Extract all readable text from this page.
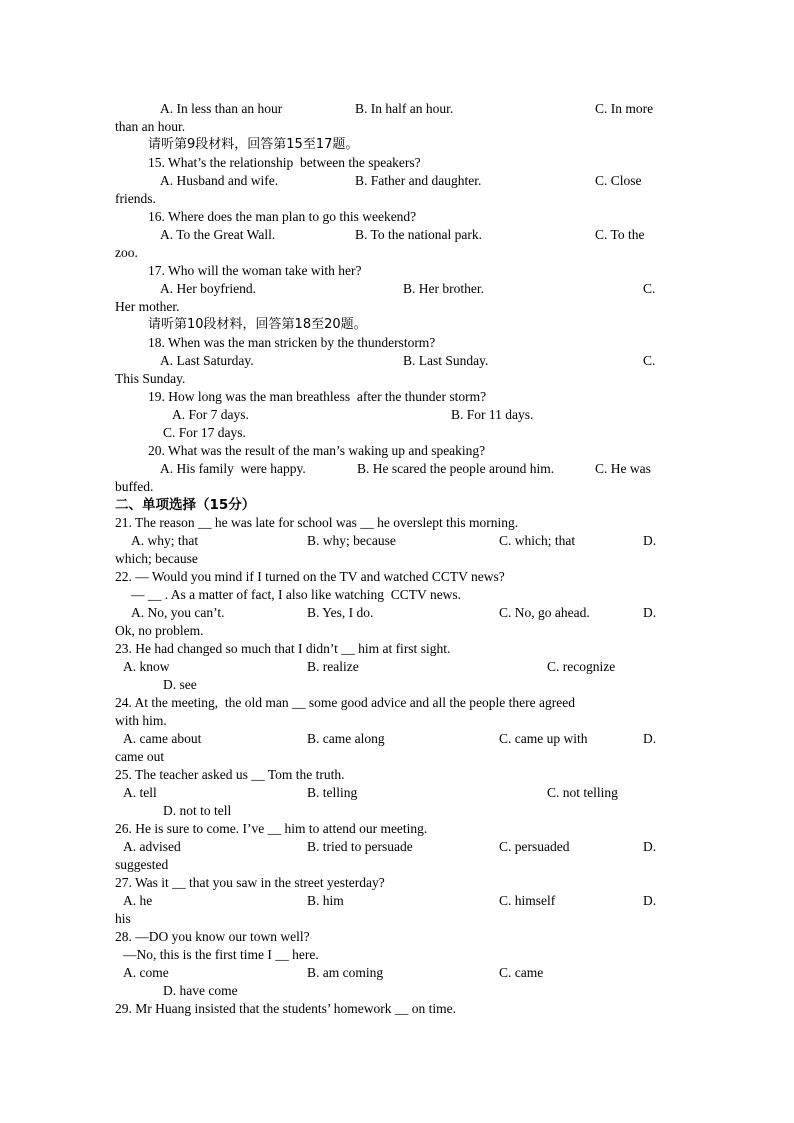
A. In less than an hour	B. In half an hour.	C. In more
than an hour.
请听第9段材料，回答第15至17题。
15. What’s the relationship  between the speakers?
A. Husband and wife.	B. Father and daughter.	C. Close
friends.
16. Where does the man plan to go this weekend?
A. To the Great Wall.	B. To the national park.	C. To the
zoo.
17. Who will the woman take with her?
A. Her boyfriend.	B. Her brother.	C.
Her mother.
请听第10段材料，回答第18至20题。
18. When was the man stricken by the thunderstorm?
A. Last Saturday.	B. Last Sunday.	C.
This Sunday.
19. How long was the man breathless  after the thunder storm?
A. For 7 days.	B. For 11 days.
C. For 17 days.
20. What was the result of the man’s waking up and speaking?
A. His family  were happy.	B. He scared the people around him.	C. He was
buffed.
二、单项选择（15分）
21. The reason __ he was late for school was __ he overslept this morning.
A. why; that	B. why; because	C. which; that	D.
which; because
22. — Would you mind if I turned on the TV and watched CCTV news?
— __ . As a matter of fact, I also like watching  CCTV news.
A. No, you can’t.	B. Yes, I do.	C. No, go ahead.	D.
Ok, no problem.
23. He had changed so much that I didn’t __ him at first sight.
A. know	B. realize	C. recognize
D. see
24. At the meeting,  the old man __ some good advice and all the people there agreed
with him.
A. came about	B. came along	C. came up with	D.
came out
25. The teacher asked us __ Tom the truth.
A. tell	B. telling	C. not telling
D. not to tell
26. He is sure to come. I’ve __ him to attend our meeting.
A. advised	B. tried to persuade	C. persuaded	D.
suggested
27. Was it __ that you saw in the street yesterday?
A. he	B. him	C. himself	D.
his
28. —DO you know our town well?
—No, this is the first time I __ here.
A. come	B. am coming	C. came
D. have come
29. Mr Huang insisted that the students’ homework __ on time.
